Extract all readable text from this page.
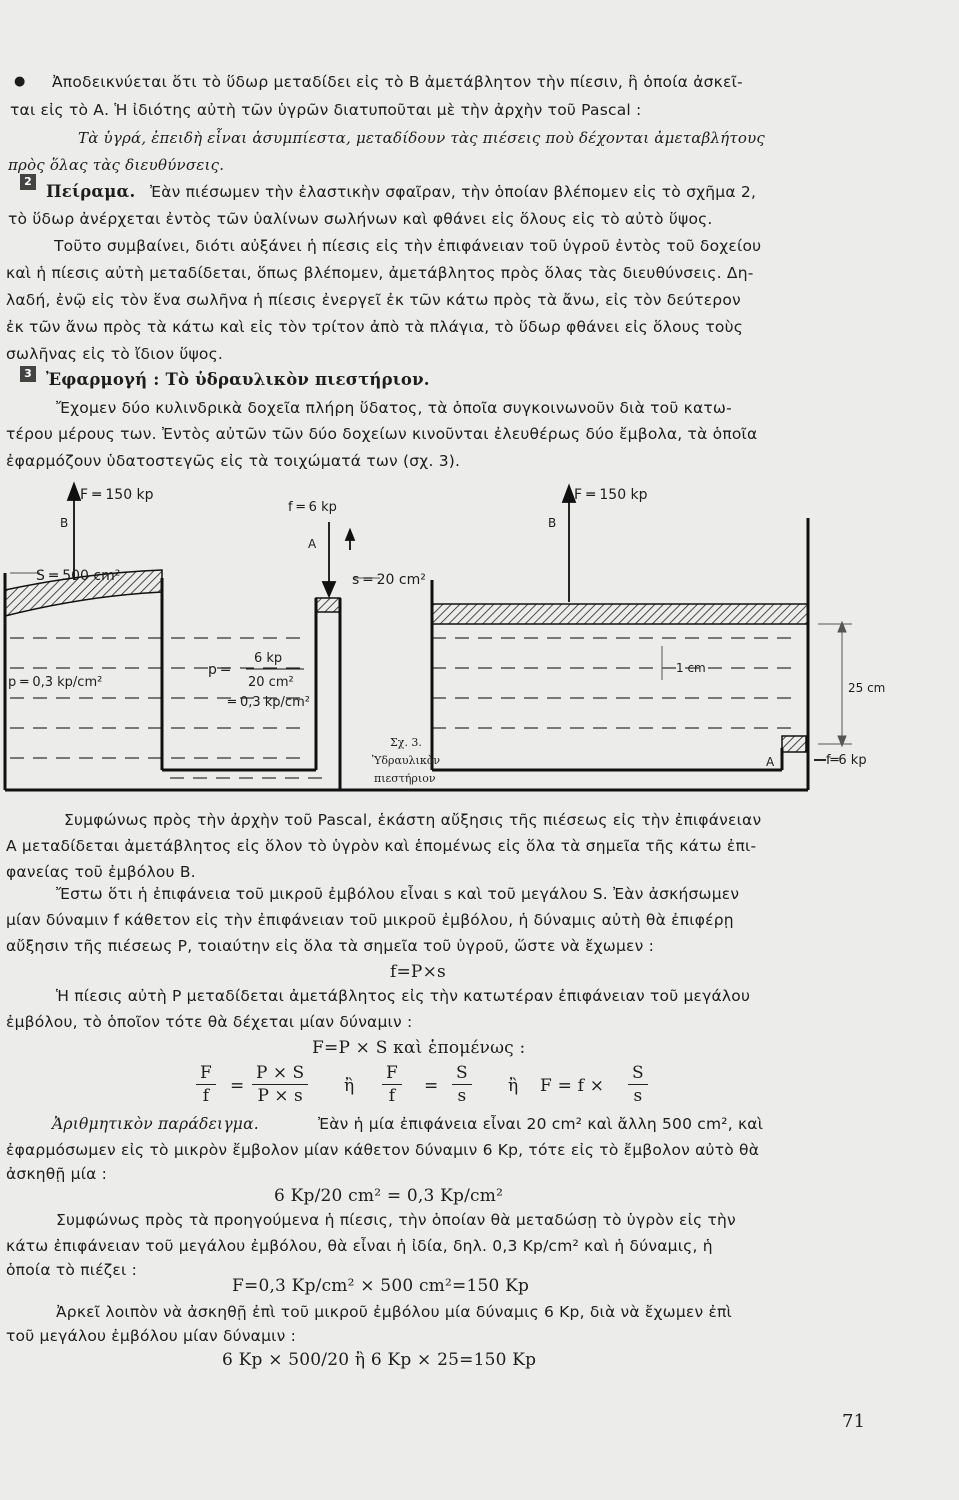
● Ἀποδεικνύεται ὅτι τὸ ὕδωρ μεταδίδει εἰς τὸ Β ἀμετάβλητον τὴν πίεσιν, ἣ ὁποία ἀσκεῖ-
ται εἰς τὸ Α. Ἡ ἰδιότης αὐτὴ τῶν ὑγρῶν διατυποῦται μὲ τὴν ἀρχὴν τοῦ Pascal :
Τὰ ὑγρά, ἐπειδὴ εἶναι ἀσυμπίεστα, μεταδίδουν τὰς πιέσεις ποὺ δέχονται ἀμεταβλήτους
πρὸς ὅλας τὰς διευθύνσεις.
2
Πείραμα. Ἐὰν πιέσωμεν τὴν ἐλαστικὴν σφαῖραν, τὴν ὁποίαν βλέπομεν εἰς τὸ σχῆμα 2,
τὸ ὕδωρ ἀνέρχεται ἐντὸς τῶν ὑαλίνων σωλήνων καὶ φθάνει εἰς ὅλους εἰς τὸ αὐτὸ ὕψος.
Τοῦτο συμβαίνει, διότι αὐξάνει ἡ πίεσις εἰς τὴν ἐπιφάνειαν τοῦ ὑγροῦ ἐντὸς τοῦ δοχείου
καὶ ἡ πίεσις αὐτὴ μεταδίδεται, ὅπως βλέπομεν, ἀμετάβλητος πρὸς ὅλας τὰς διευθύνσεις. Δη-
λαδή, ἐνῷ εἰς τὸν ἕνα σωλῆνα ἡ πίεσις ἐνεργεῖ ἐκ τῶν κάτω πρὸς τὰ ἄνω, εἰς τὸν δεύτερον
ἐκ τῶν ἄνω πρὸς τὰ κάτω καὶ εἰς τὸν τρίτον ἀπὸ τὰ πλάγια, τὸ ὕδωρ φθάνει εἰς ὅλους τοὺς
σωλῆνας εἰς τὸ ἴδιον ὕψος.
3 Ἐφαρμογή : Τὸ ὑδραυλικὸν πιεστήριον.
Ἔχομεν δύο κυλινδρικὰ δοχεῖα πλήρη ὕδατος, τὰ ὁποῖα συγκοινωνοῦν διὰ τοῦ κατω-
τέρου μέρους των. Ἐντὸς αὐτῶν τῶν δύο δοχείων κινοῦνται ἐλευθέρως δύο ἔμβολα, τὰ ὁποῖα
ἐφαρμόζουν ὑδατοστεγῶς εἰς τὰ τοιχώματά των (σχ. 3).
F ═ 150 kp
f ═ 6 kp
B
A
S ═ 500 cm²	s ═ 20 cm²
p ═ 0,3 kp/cm²
p ═
6 kp
20 cm²
═ 0,3 kp/cm²
F ═ 150 kp
B
1 cm
25 cm
A	f═6 kp
Σχ. 3.
Ὑδραυλικὸν
πιεστήριον
Συμφώνως πρὸς τὴν ἀρχὴν τοῦ Pascal, ἑκάστη αὔξησις τῆς πιέσεως εἰς τὴν ἐπιφάνειαν
Α μεταδίδεται ἀμετάβλητος εἰς ὅλον τὸ ὑγρὸν καὶ ἑπομένως εἰς ὅλα τὰ σημεῖα τῆς κάτω ἐπι-
φανείας τοῦ ἐμβόλου Β.
Ἔστω ὅτι ἡ ἐπιφάνεια τοῦ μικροῦ ἐμβόλου εἶναι s καὶ τοῦ μεγάλου S. Ἐὰν ἀσκήσωμεν
μίαν δύναμιν f κάθετον εἰς τὴν ἐπιφάνειαν τοῦ μικροῦ ἐμβόλου, ἡ δύναμις αὐτὴ θὰ ἐπιφέρῃ
αὔξησιν τῆς πιέσεως P, τοιαύτην εἰς ὅλα τὰ σημεῖα τοῦ ὑγροῦ, ὥστε νὰ ἔχωμεν :
f=P×s
Ἡ πίεσις αὐτὴ P μεταδίδεται ἀμετάβλητος εἰς τὴν κατωτέραν ἐπιφάνειαν τοῦ μεγάλου
ἐμβόλου, τὸ ὁποῖον τότε θὰ δέχεται μίαν δύναμιν :
F=P × S καὶ ἑπομένως :
$\frac{F}{f} = \frac{P \times S}{P \times s}$ ἢ $\frac{F}{f} = \frac{S}{s}$ ἢ $F = f \times \frac{S}{s}$
Ἀριθμητικὸν παράδειγμα.	Ἐὰν ἡ μία ἐπιφάνεια εἶναι 20 cm² καὶ ἄλλη 500 cm², καὶ
ἐφαρμόσωμεν εἰς τὸ μικρὸν ἔμβολον μίαν κάθετον δύναμιν 6 Kp, τότε εἰς τὸ ἔμβολον αὐτὸ θὰ
ἀσκηθῇ μία :
6 Kp/20 cm² = 0,3 Kp/cm²
Συμφώνως πρὸς τὰ προηγούμενα ἡ πίεσις, τὴν ὁποίαν θὰ μεταδώσῃ τὸ ὑγρὸν εἰς τὴν
κάτω ἐπιφάνειαν τοῦ μεγάλου ἐμβόλου, θὰ εἶναι ἡ ἰδία, δηλ. 0,3 Kp/cm² καὶ ἡ δύναμις, ἡ
ὁποία τὸ πιέζει :
F=0,3 Kp/cm² × 500 cm²=150 Kp
Ἀρκεῖ λοιπὸν νὰ ἀσκηθῇ ἐπὶ τοῦ μικροῦ ἐμβόλου μία δύναμις 6 Kp, διὰ νὰ ἔχωμεν ἐπὶ
τοῦ μεγάλου ἐμβόλου μίαν δύναμιν :
6 Kp × 500/20 ἢ 6 Kp × 25=150 Kp
71
